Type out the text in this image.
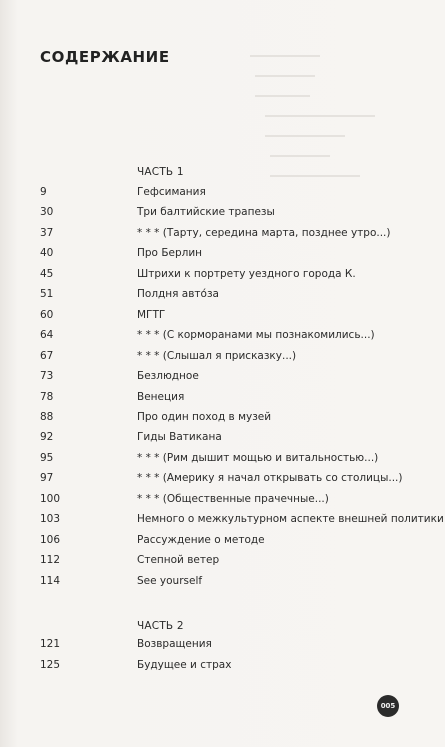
СОДЕРЖАНИЕ
ЧАСТЬ 1
9	Гефсимания
30	Три балтийские трапезы
37	* * * (Тарту, середина марта, позднее утро...)
40	Про Берлин
45	Штрихи к портрету уездного города К.
51	Полдня авто́за
60	МГТГ
64	* * * (С корморанами мы познакомились...)
67	* * * (Слышал я присказку...)
73	Безлюдное
78	Венеция
88	Про один поход в музей
92	Гиды Ватикана
95	* * * (Рим дышит мощью и витальностью...)
97	* * * (Америку я начал открывать со столицы...)
100	* * * (Общественные прачечные...)
103	Немного о межкультурном аспекте внешней политики
106	Рассуждение о методе
112	Степной ветер
114	See yourself
ЧАСТЬ 2
121	Возвращения
125	Будущее и страх
005
